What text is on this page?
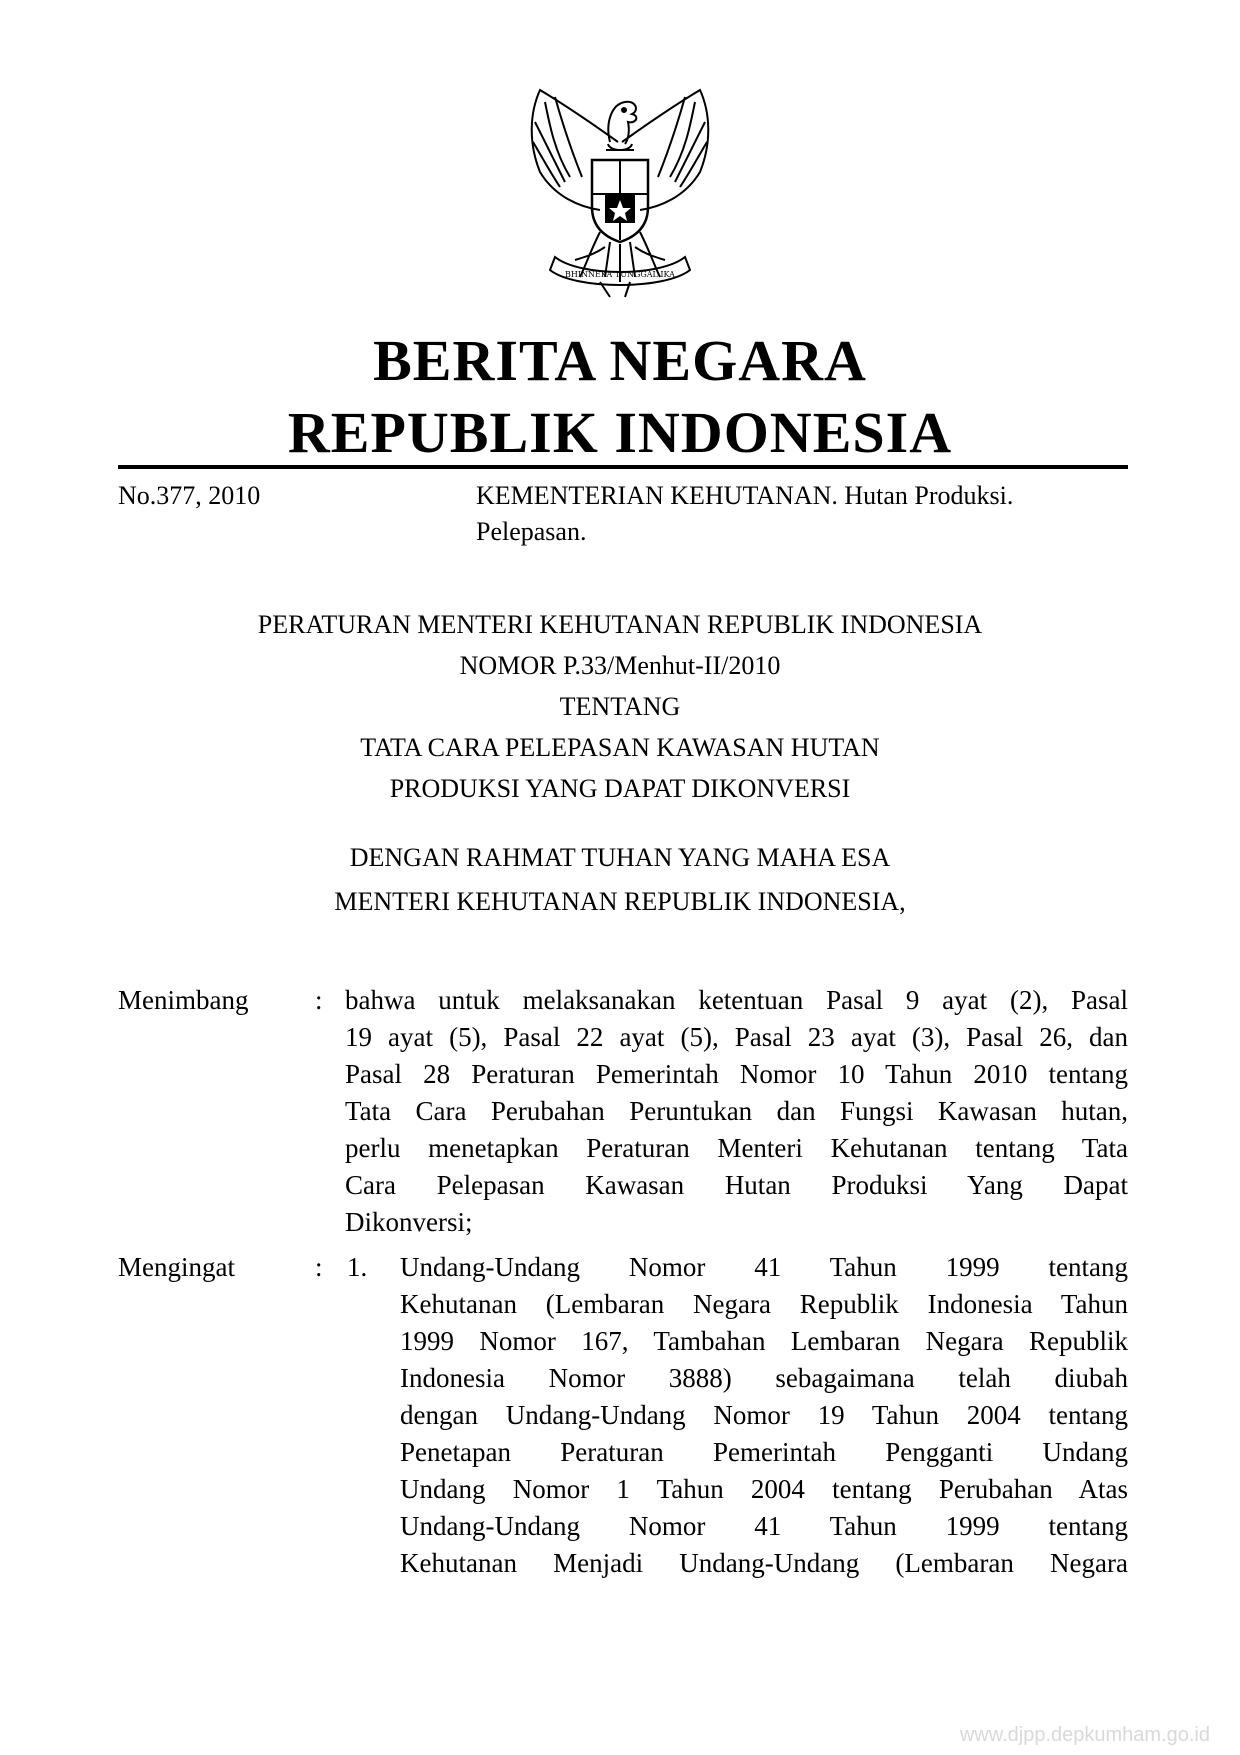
BHINNEKA TUNGGAL IKA
BERITA NEGARA
REPUBLIK INDONESIA
No.377, 2010	KEMENTERIAN KEHUTANAN. Hutan Produksi.
Pelepasan.
PERATURAN MENTERI KEHUTANAN REPUBLIK INDONESIA
NOMOR P.33/Menhut-II/2010
TENTANG
TATA CARA PELEPASAN KAWASAN HUTAN
PRODUKSI YANG DAPAT DIKONVERSI
DENGAN RAHMAT TUHAN YANG MAHA ESA
MENTERI KEHUTANAN REPUBLIK INDONESIA,
Menimbang : bahwa untuk melaksanakan ketentuan Pasal 9 ayat (2), Pasal
19 ayat (5), Pasal 22 ayat (5), Pasal 23 ayat (3), Pasal 26, dan
Pasal 28 Peraturan Pemerintah Nomor 10 Tahun 2010 tentang
Tata Cara Perubahan Peruntukan dan Fungsi Kawasan hutan,
perlu menetapkan Peraturan Menteri Kehutanan tentang Tata
Cara Pelepasan Kawasan Hutan Produksi Yang Dapat
Dikonversi;
Mengingat	: 1. Undang-Undang Nomor 41 Tahun 1999 tentang
Kehutanan (Lembaran Negara Republik Indonesia Tahun
1999 Nomor 167, Tambahan Lembaran Negara Republik
Indonesia Nomor 3888) sebagaimana telah diubah
dengan Undang-Undang Nomor 19 Tahun 2004 tentang
Penetapan Peraturan Pemerintah Pengganti Undang
Undang Nomor 1 Tahun 2004 tentang Perubahan Atas
Undang-Undang Nomor 41 Tahun 1999 tentang
Kehutanan Menjadi Undang-Undang (Lembaran Negara
www.djpp.depkumham.go.id
